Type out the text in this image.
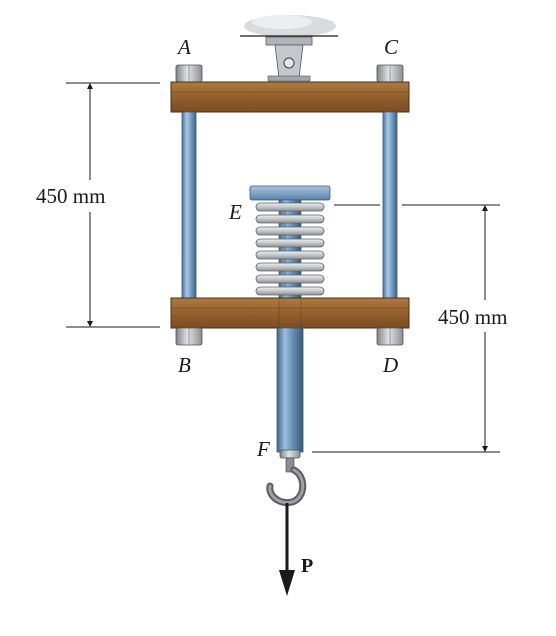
450 mm
450 mm
P
A	C
E
B	D
F
